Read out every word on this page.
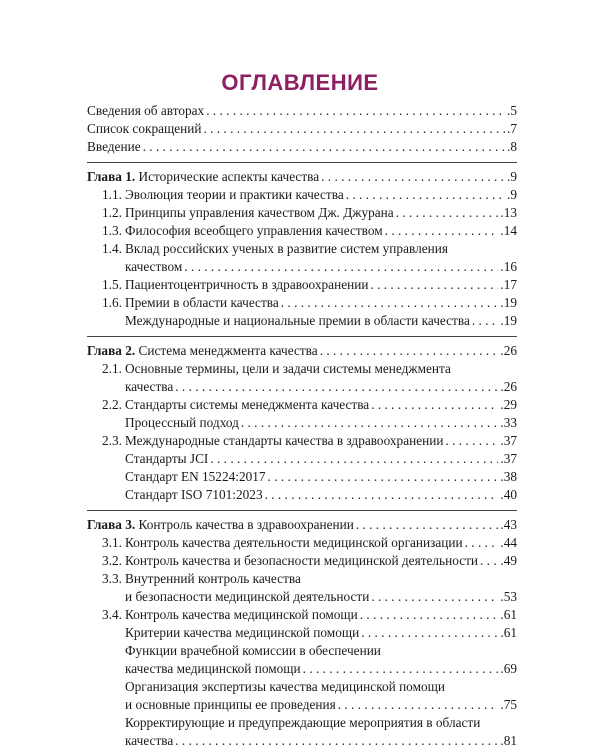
ОГЛАВЛЕНИЕ
Сведения об авторах . . .	.5
Список сокращений . . .	.7
Введение . . .	.8
Глава 1. Исторические аспекты качества . . .	.9
1.1. Эволюция теории и практики качества . . .	.9
1.2. Принципы управления качеством Дж. Джурана . . .	.13
1.3. Философия всеобщего управления качеством . . .	.14
1.4. Вклад российских ученых в развитие систем управления
качеством . . .	.16
1.5. Пациентоцентричность в здравоохранении . . .	.17
1.6. Премии в области качества . . .	.19
Международные и национальные премии в области качества . . . .19
Глава 2. Система менеджмента качества . . .	.26
2.1. Основные термины, цели и задачи системы менеджмента
качества . . .	.26
2.2. Стандарты системы менеджмента качества . . .	.29
Процессный подход . . .	.33
2.3. Международные стандарты качества в здравоохранении . . .	.37
Стандарты JCI . . .	.37
Стандарт EN 15224:2017 . . .	.38
Стандарт ISO 7101:2023 . . .	.40
Глава 3. Контроль качества в здравоохранении . . .	.43
3.1. Контроль качества деятельности медицинской организации . . .	.44
3.2. Контроль качества и безопасности медицинской деятельности . . . .49
3.3. Внутренний контроль качества
и безопасности медицинской деятельности . . .	.53
3.4. Контроль качества медицинской помощи . . .	.61
Критерии качества медицинской помощи . . .	.61
Функции врачебной комиссии в обеспечении
качества медицинской помощи . . .	.69
Организация экспертизы качества медицинской помощи
и основные принципы ее проведения . . .	.75
Корректирующие и предупреждающие мероприятия в области
качества . . .	.81
